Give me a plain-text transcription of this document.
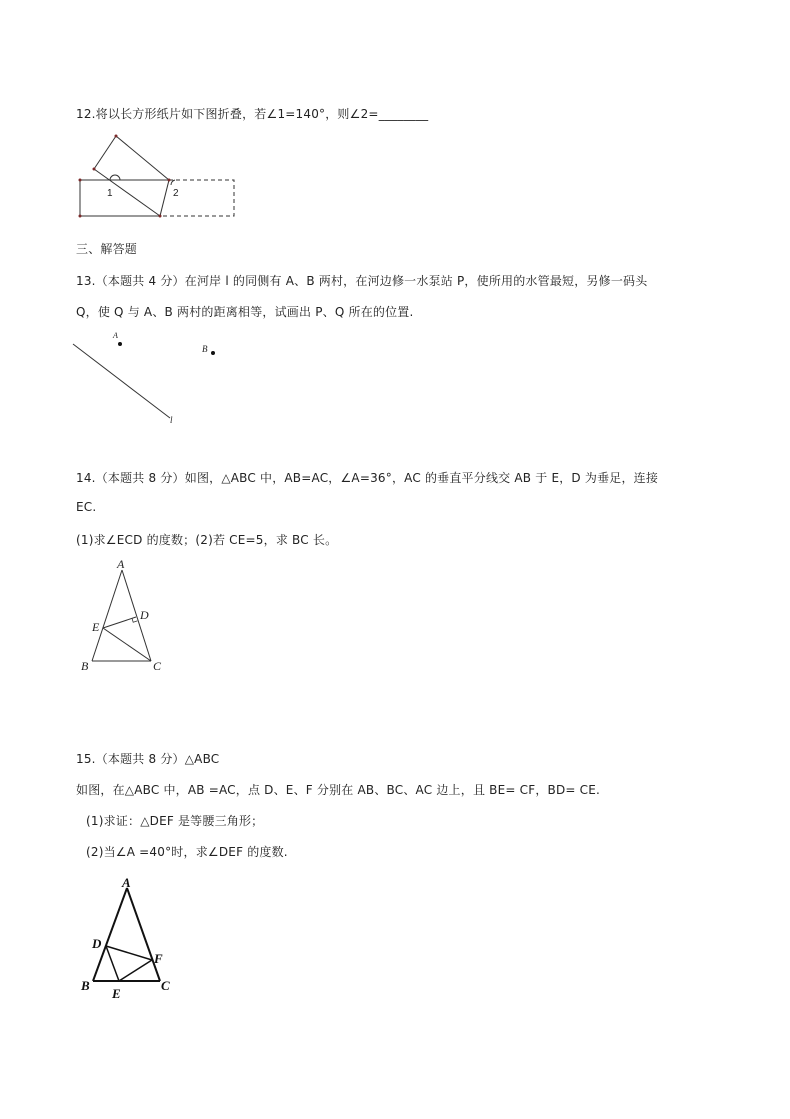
12.将以长方形纸片如下图折叠，若∠1=140°，则∠2=________
1	2
三、解答题
13.（本题共 4 分）在河岸 l 的同侧有 A、B 两村，在河边修一水泵站 P，使所用的水管最短，另修一码头
Q，使 Q 与 A、B 两村的距离相等，试画出 P、Q 所在的位置.
l
A
B
14.（本题共 8 分）如图，△ABC 中，AB=AC，∠A=36°，AC 的垂直平分线交 AB 于 E，D 为垂足，连接
EC.
(1)求∠ECD 的度数；(2)若 CE=5，求 BC 长。
A
B	C
D
E
15.（本题共 8 分）△ABC
如图，在△ABC 中，AB =AC，点 D、E、F 分别在 AB、BC、AC 边上，且 BE= CF，BD= CE.
(1)求证：△DEF 是等腰三角形；
(2)当∠A =40°时，求∠DEF 的度数.
A
B	C
D
E
F
